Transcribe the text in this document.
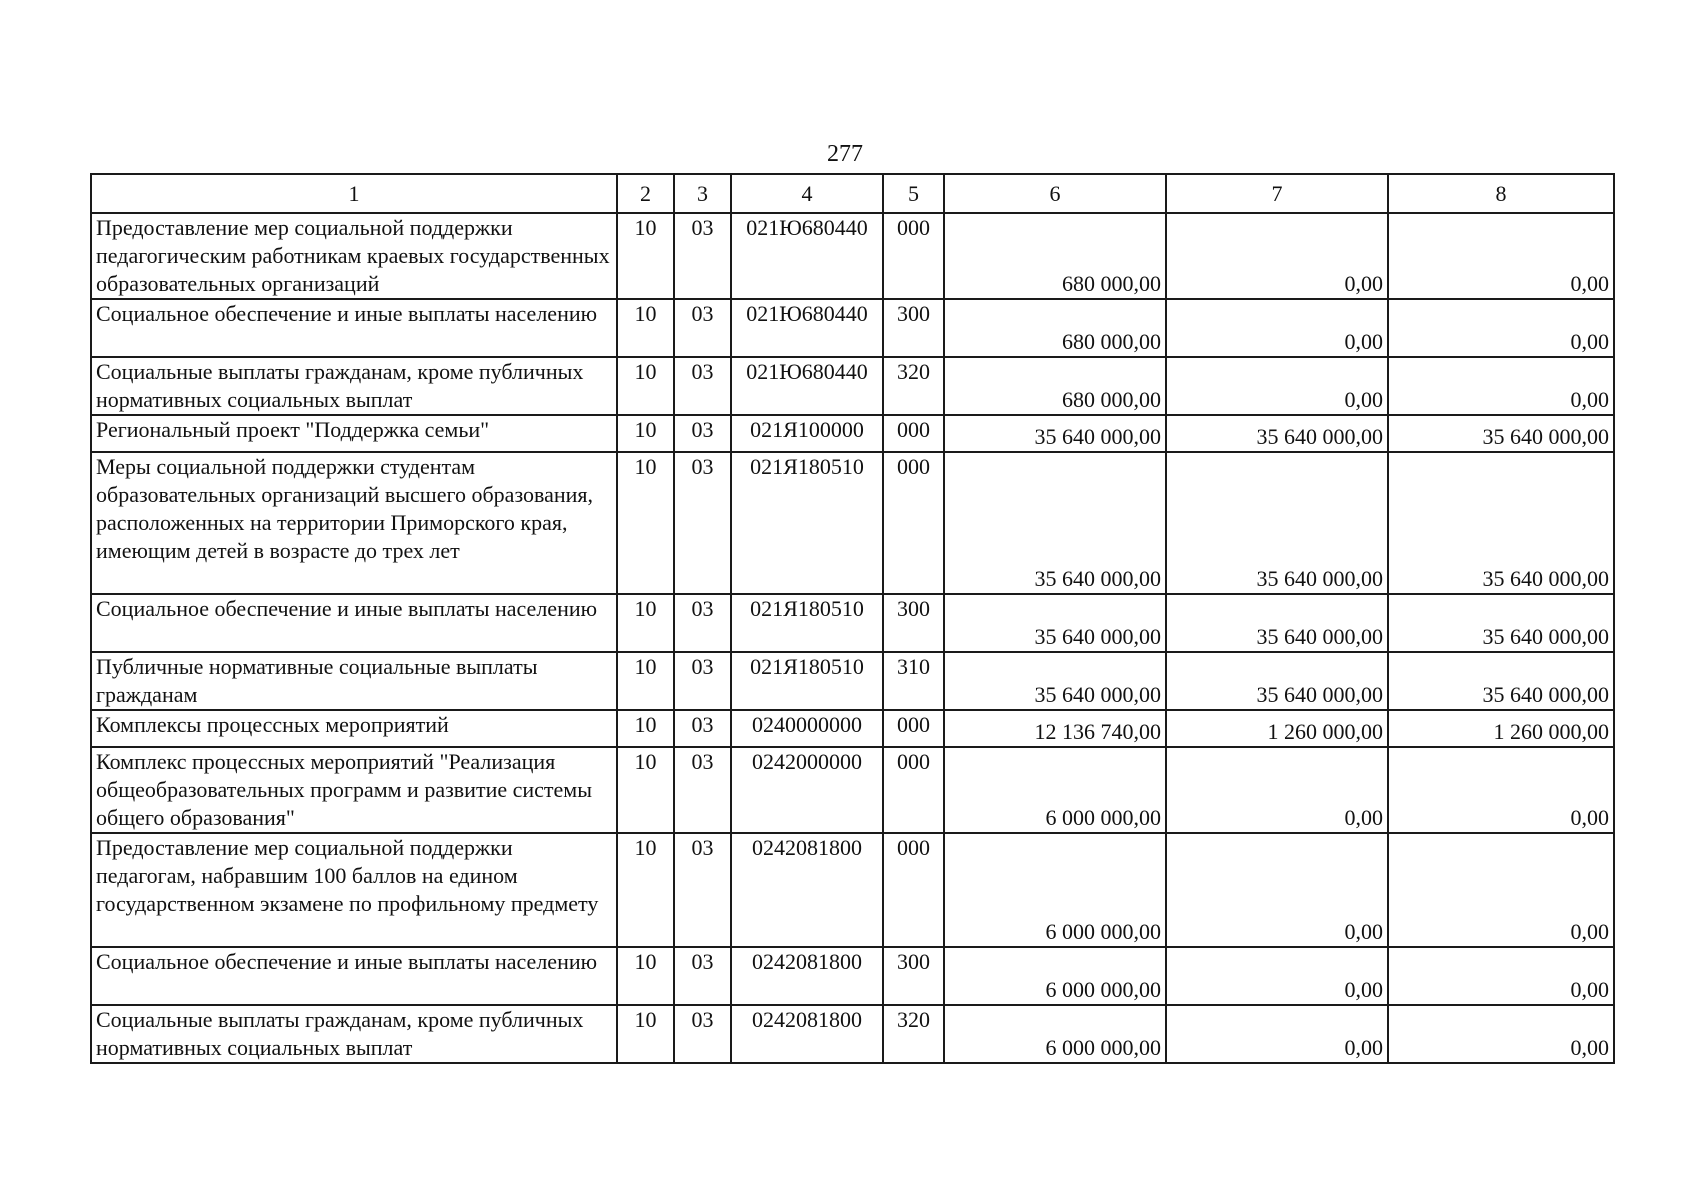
277
1	2	3	4	5	6	7	8
Предоставление мер социальной поддержки педагогическим работникам краевых государственных образовательных организаций	10	03	021Ю680440	000	680 000,00	0,00	0,00
Социальное обеспечение и иные выплаты населению	10	03	021Ю680440	300	680 000,00	0,00	0,00
Социальные выплаты гражданам, кроме публичных нормативных социальных выплат	10	03	021Ю680440	320	680 000,00	0,00	0,00
Региональный проект "Поддержка семьи"	10	03	021Я100000	000	35 640 000,00	35 640 000,00	35 640 000,00
Меры социальной поддержки студентам образовательных организаций высшего образования, расположенных на территории Приморского края, имеющим детей в возрасте до трех лет	10	03	021Я180510	000	35 640 000,00	35 640 000,00	35 640 000,00
Социальное обеспечение и иные выплаты населению	10	03	021Я180510	300	35 640 000,00	35 640 000,00	35 640 000,00
Публичные нормативные социальные выплаты гражданам	10	03	021Я180510	310	35 640 000,00	35 640 000,00	35 640 000,00
Комплексы процессных мероприятий	10	03	0240000000	000	12 136 740,00	1 260 000,00	1 260 000,00
Комплекс процессных мероприятий "Реализация общеобразовательных программ и развитие системы общего образования"	10	03	0242000000	000	6 000 000,00	0,00	0,00
Предоставление мер социальной поддержки педагогам, набравшим 100 баллов на едином государственном экзамене по профильному предмету	10	03	0242081800	000	6 000 000,00	0,00	0,00
Социальное обеспечение и иные выплаты населению	10	03	0242081800	300	6 000 000,00	0,00	0,00
Социальные выплаты гражданам, кроме публичных нормативных социальных выплат	10	03	0242081800	320	6 000 000,00	0,00	0,00
